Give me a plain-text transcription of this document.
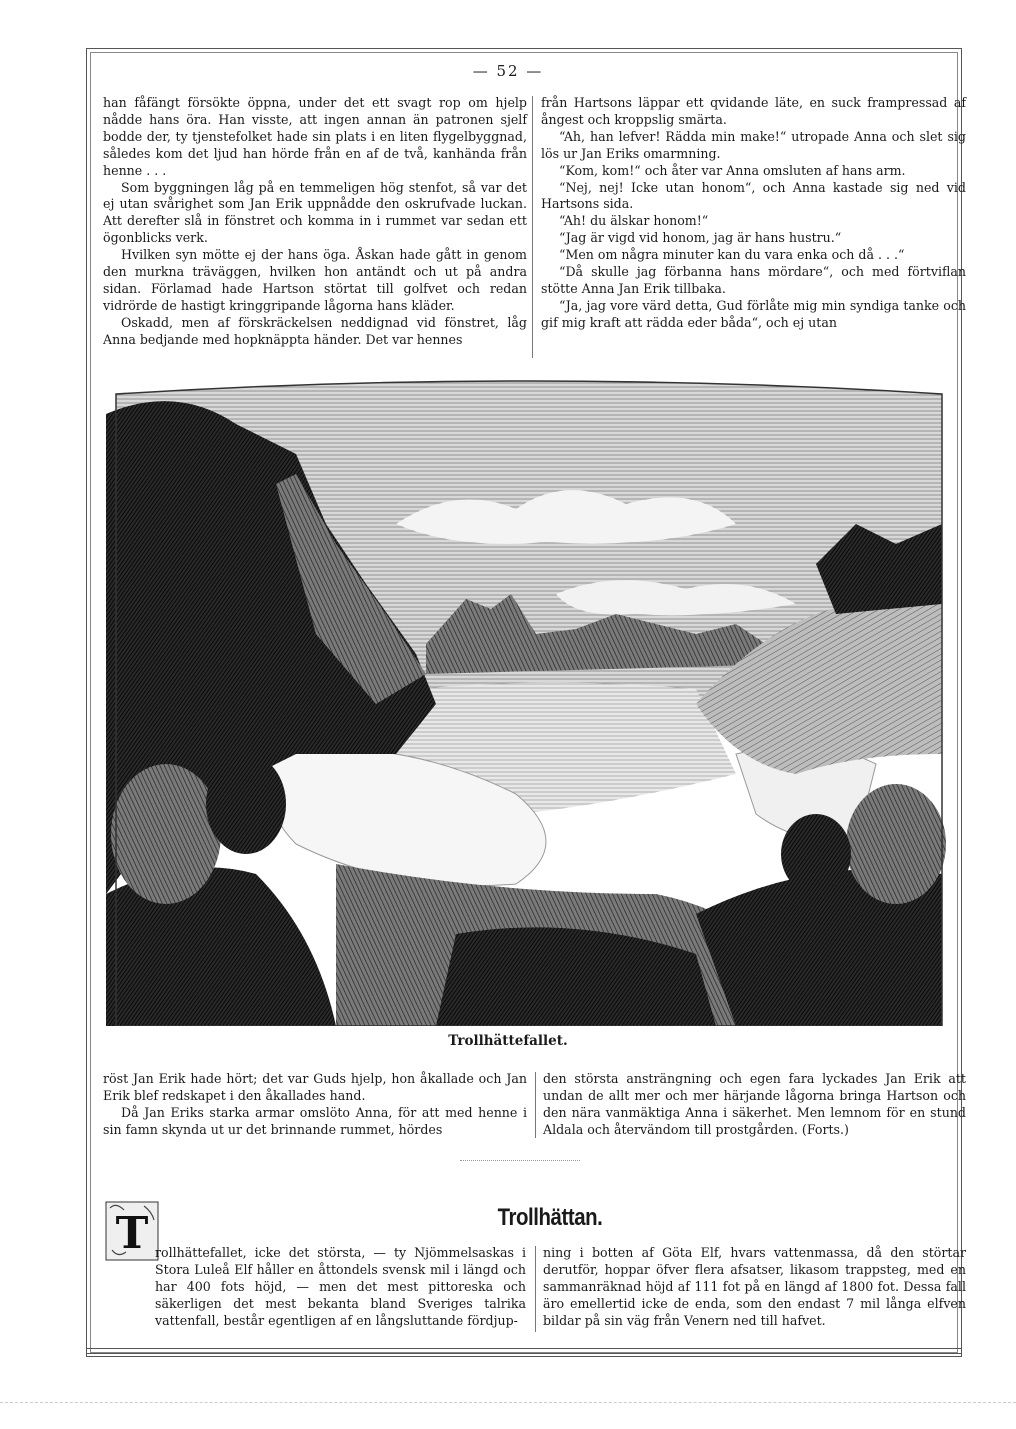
— 52 —

han fåfängt försökte öppna, under det ett svagt rop om hjelp nådde hans öra. Han visste, att ingen annan än patronen sjelf bodde der, ty tjenstefolket hade sin plats i en liten flygelbyggnad, således kom det ljud han hörde från en af de två, kanhända från henne . . .

Som byggningen låg på en temmeligen hög stenfot, så var det ej utan svårighet som Jan Erik uppnådde den oskrufvade luckan. Att derefter slå in fönstret och komma in i rummet var sedan ett ögonblicks verk.

Hvilken syn mötte ej der hans öga. Åskan hade gått in genom den murkna träväggen, hvilken hon antändt och ut på andra sidan. Förlamad hade Hartson störtat till golfvet och redan vidrörde de hastigt kringgripande lågorna hans kläder.

Oskadd, men af förskräckelsen neddignad vid fönstret, låg Anna bedjande med hopknäppta händer. Det var hennes

från Hartsons läppar ett qvidande läte, en suck frampressad af ångest och kroppslig smärta.

“Ah, han lefver! Rädda min make!“ utropade Anna och slet sig lös ur Jan Eriks omarmning.

“Kom, kom!“ och åter var Anna omsluten af hans arm.

“Nej, nej! Icke utan honom“, och Anna kastade sig ned vid Hartsons sida.

“Ah! du älskar honom!“

“Jag är vigd vid honom, jag är hans hustru.“

“Men om några minuter kan du vara enka och då . . .“

“Då skulle jag förbanna hans mördare“, och med förtviflan stötte Anna Jan Erik tillbaka.

“Ja, jag vore värd detta, Gud förlåte mig min syndiga tanke och gif mig kraft att rädda eder båda“, och ej utan

Trollhättefallet.

röst Jan Erik hade hört; det var Guds hjelp, hon åkallade och Jan Erik blef redskapet i den åkallades hand.

Då Jan Eriks starka armar omslöto Anna, för att med henne i sin famn skynda ut ur det brinnande rummet, hördes

den största ansträngning och egen fara lyckades Jan Erik att undan de allt mer och mer härjande lågorna bringa Hartson och den nära vanmäktiga Anna i säkerhet. Men lemnom för en stund Aldala och återvändom till prostgården. (Forts.)

T	Trollhättan.

rollhättefallet, icke det största, — ty Njömmelsaskas i Stora Luleå Elf håller en åttondels svensk mil i längd och har 400 fots höjd, — men det mest pittoreska och säkerligen det mest bekanta bland Sveriges talrika vattenfall, består egentligen af en långsluttande fördjup-

ning i botten af Göta Elf, hvars vattenmassa, då den störtar derutför, hoppar öfver flera afsatser, likasom trappsteg, med en sammanräknad höjd af 111 fot på en längd af 1800 fot. Dessa fall äro emellertid icke de enda, som den endast 7 mil långa elfven bildar på sin väg från Venern ned till hafvet.
